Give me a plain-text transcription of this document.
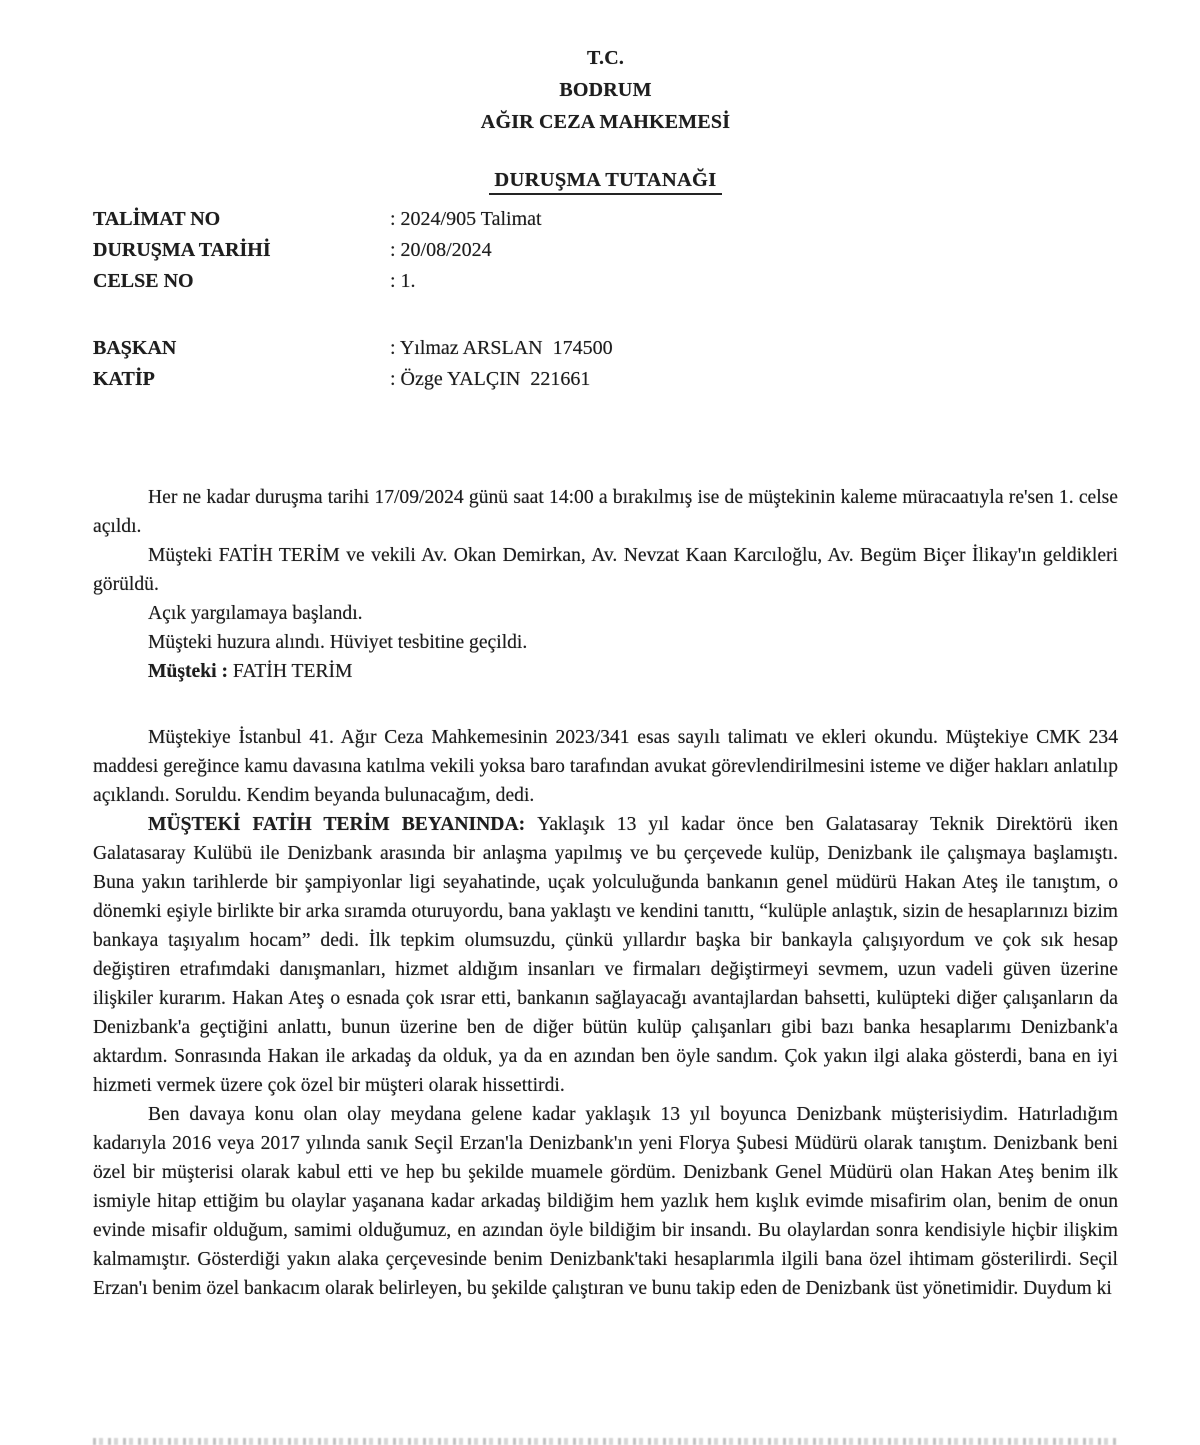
T.C.
BODRUM
AĞIR CEZA MAHKEMESİ
DURUŞMA TUTANAĞI
TALİMAT NO	: 2024/905 Talimat
DURUŞMA TARİHİ	: 20/08/2024
CELSE NO	: 1.
BAŞKAN	: Yılmaz ARSLAN  174500
KATİP	: Özge YALÇIN  221661

Her ne kadar duruşma tarihi 17/09/2024 günü saat 14:00 a bırakılmış ise de müştekinin kaleme müracaatıyla re'sen 1. celse açıldı.

Müşteki FATİH TERİM ve vekili Av. Okan Demirkan, Av. Nevzat Kaan Karcıloğlu, Av. Begüm Biçer İlikay'ın geldikleri görüldü.

Açık yargılamaya başlandı.

Müşteki huzura alındı. Hüviyet tesbitine geçildi.

Müşteki : FATİH TERİM

Müştekiye İstanbul 41. Ağır Ceza Mahkemesinin 2023/341 esas sayılı talimatı ve ekleri okundu. Müştekiye CMK 234 maddesi gereğince kamu davasına katılma vekili yoksa baro tarafından avukat görevlendirilmesini isteme ve diğer hakları anlatılıp açıklandı. Soruldu. Kendim beyanda bulunacağım, dedi.

MÜŞTEKİ FATİH TERİM BEYANINDA: Yaklaşık 13 yıl kadar önce ben Galatasaray Teknik Direktörü iken Galatasaray Kulübü ile Denizbank arasında bir anlaşma yapılmış ve bu çerçevede kulüp, Denizbank ile çalışmaya başlamıştı. Buna yakın tarihlerde bir şampiyonlar ligi seyahatinde, uçak yolculuğunda bankanın genel müdürü Hakan Ateş ile tanıştım, o dönemki eşiyle birlikte bir arka sıramda oturuyordu, bana yaklaştı ve kendini tanıttı, “kulüple anlaştık, sizin de hesaplarınızı bizim bankaya taşıyalım hocam” dedi. İlk tepkim olumsuzdu, çünkü yıllardır başka bir bankayla çalışıyordum ve çok sık hesap değiştiren etrafımdaki danışmanları, hizmet aldığım insanları ve firmaları değiştirmeyi sevmem, uzun vadeli güven üzerine ilişkiler kurarım. Hakan Ateş o esnada çok ısrar etti, bankanın sağlayacağı avantajlardan bahsetti, kulüpteki diğer çalışanların da Denizbank'a geçtiğini anlattı, bunun üzerine ben de diğer bütün kulüp çalışanları gibi bazı banka hesaplarımı Denizbank'a aktardım. Sonrasında Hakan ile arkadaş da olduk, ya da en azından ben öyle sandım. Çok yakın ilgi alaka gösterdi, bana en iyi hizmeti vermek üzere çok özel bir müşteri olarak hissettirdi.

Ben davaya konu olan olay meydana gelene kadar yaklaşık 13 yıl boyunca Denizbank müşterisiydim. Hatırladığım kadarıyla 2016 veya 2017 yılında sanık Seçil Erzan'la Denizbank'ın yeni Florya Şubesi Müdürü olarak tanıştım. Denizbank beni özel bir müşterisi olarak kabul etti ve hep bu şekilde muamele gördüm. Denizbank Genel Müdürü olan Hakan Ateş benim ilk ismiyle hitap ettiğim bu olaylar yaşanana kadar arkadaş bildiğim hem yazlık hem kışlık evimde misafirim olan, benim de onun evinde misafir olduğum, samimi olduğumuz, en azından öyle bildiğim bir insandı. Bu olaylardan sonra kendisiyle hiçbir ilişkim kalmamıştır. Gösterdiği yakın alaka çerçevesinde benim Denizbank'taki hesaplarımla ilgili bana özel ihtimam gösterilirdi. Seçil Erzan'ı benim özel bankacım olarak belirleyen, bu şekilde çalıştıran ve bunu takip eden de Denizbank üst yönetimidir. Duydum ki
